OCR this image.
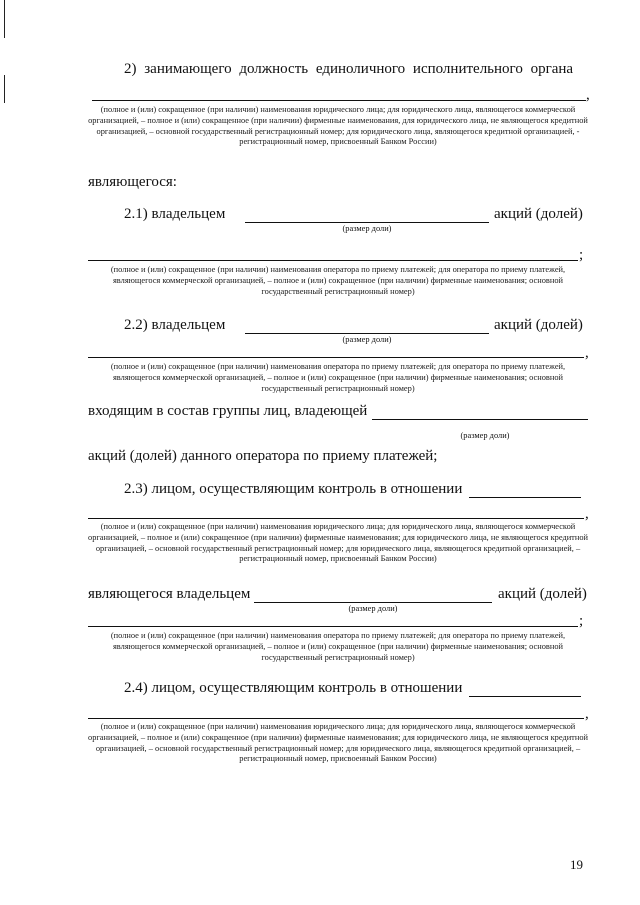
2) занимающего должность единоличного исполнительного органа
,
(полное и (или) сокращенное (при наличии) наименования юридического лица; для юридического лица, являющегося коммерческой организацией, – полное и (или) сокращенное (при наличии) фирменные наименования, для юридического лица, не являющегося кредитной организацией, – основной государственный регистрационный номер; для юридического лица, являющегося кредитной организацией, - регистрационный номер, присвоенный Банком России)
являющегося:
2.1) владельцем	акций (долей)
(размер доли)
;
(полное и (или) сокращенное (при наличии) наименования оператора по приему платежей; для оператора по приему платежей, являющегося коммерческой организацией, – полное и (или) сокращенное (при наличии) фирменные наименования; основной государственный регистрационный номер)
2.2) владельцем	акций (долей)
(размер доли)
,
(полное и (или) сокращенное (при наличии) наименования оператора по приему платежей; для оператора по приему платежей, являющегося коммерческой организацией, – полное и (или) сокращенное (при наличии) фирменные наименования; основной государственный регистрационный номер)
входящим в состав группы лиц, владеющей
(размер доли)
акций (долей) данного оператора по приему платежей;
2.3) лицом, осуществляющим контроль в отношении
,
(полное и (или) сокращенное (при наличии) наименования юридического лица; для юридического лица, являющегося коммерческой организацией, – полное и (или) сокращенное (при наличии) фирменные наименования; для юридического лица, не являющегося кредитной организацией, – основной государственный регистрационный номер; для юридического лица, являющегося кредитной организацией, – регистрационный номер, присвоенный Банком России)
являющегося владельцем	акций (долей)
(размер доли)
;
(полное и (или) сокращенное (при наличии) наименования оператора по приему платежей; для оператора по приему платежей, являющегося коммерческой организацией, – полное и (или) сокращенное (при наличии) фирменные наименования; основной государственный регистрационный номер)
2.4) лицом, осуществляющим контроль в отношении
,
(полное и (или) сокращенное (при наличии) наименования юридического лица; для юридического лица, являющегося коммерческой организацией, – полное и (или) сокращенное (при наличии) фирменные наименования; для юридического лица, не являющегося кредитной организацией, – основной государственный регистрационный номер; для юридического лица, являющегося кредитной организацией, – регистрационный номер, присвоенный Банком России)
19
